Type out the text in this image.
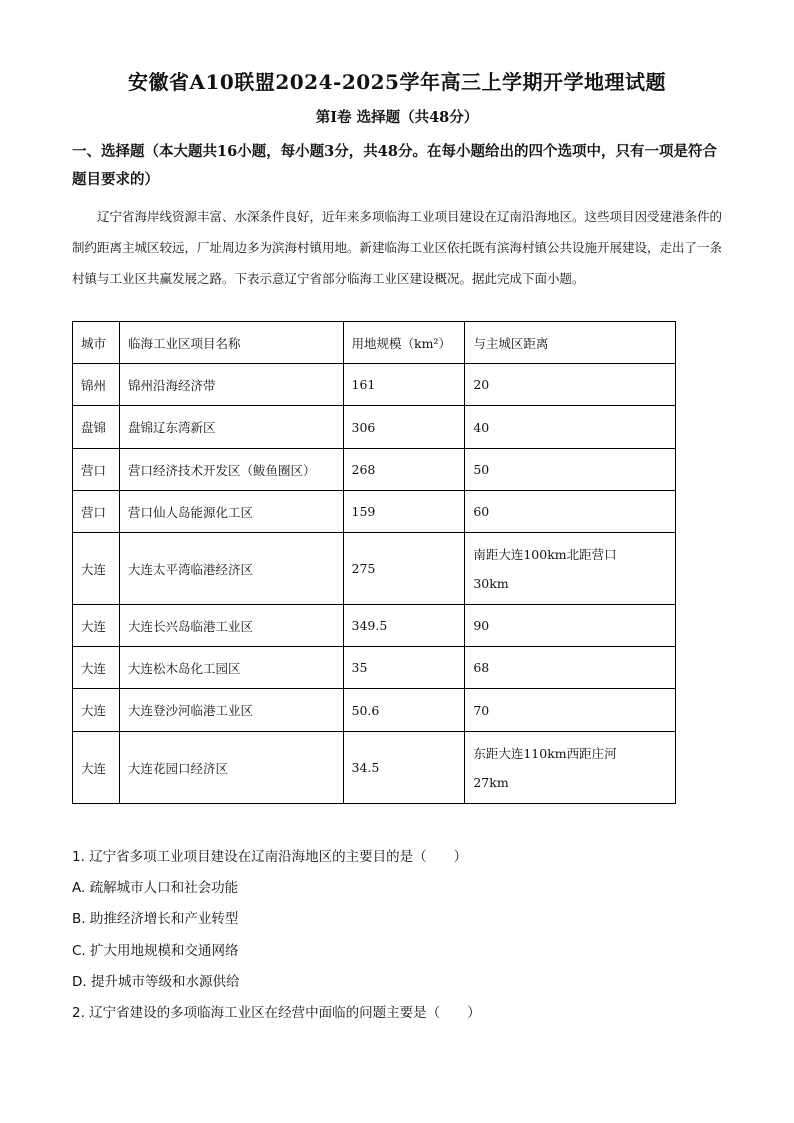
安徽省A10联盟2024-2025学年高三上学期开学地理试题
第Ⅰ卷 选择题（共48分）
一、选择题（本大题共16小题，每小题3分，共48分。在每小题给出的四个选项中，只有一项是符合题目要求的）
辽宁省海岸线资源丰富、水深条件良好，近年来多项临海工业项目建设在辽南沿海地区。这些项目因受建港条件的制约距离主城区较远，厂址周边多为滨海村镇用地。新建临海工业区依托既有滨海村镇公共设施开展建设，走出了一条村镇与工业区共赢发展之路。下表示意辽宁省部分临海工业区建设概况。据此完成下面小题。
城市	临海工业区项目名称	用地规模（km²）	与主城区距离
锦州	锦州沿海经济带	161	20
盘锦	盘锦辽东湾新区	306	40
营口	营口经济技术开发区（鲅鱼圈区）	268	50
营口	营口仙人岛能源化工区	159	60
大连	大连太平湾临港经济区	275	南距大连100km北距营口
30km
大连	大连长兴岛临港工业区	349.5	90
大连	大连松木岛化工园区	35	68
大连	大连登沙河临港工业区	50.6	70
大连	大连花园口经济区	34.5	东距大连110km西距庄河
27km
1. 辽宁省多项工业项目建设在辽南沿海地区的主要目的是（　　）
A. 疏解城市人口和社会功能
B. 助推经济增长和产业转型
C. 扩大用地规模和交通网络
D. 提升城市等级和水源供给
2. 辽宁省建设的多项临海工业区在经营中面临的问题主要是（　　）
